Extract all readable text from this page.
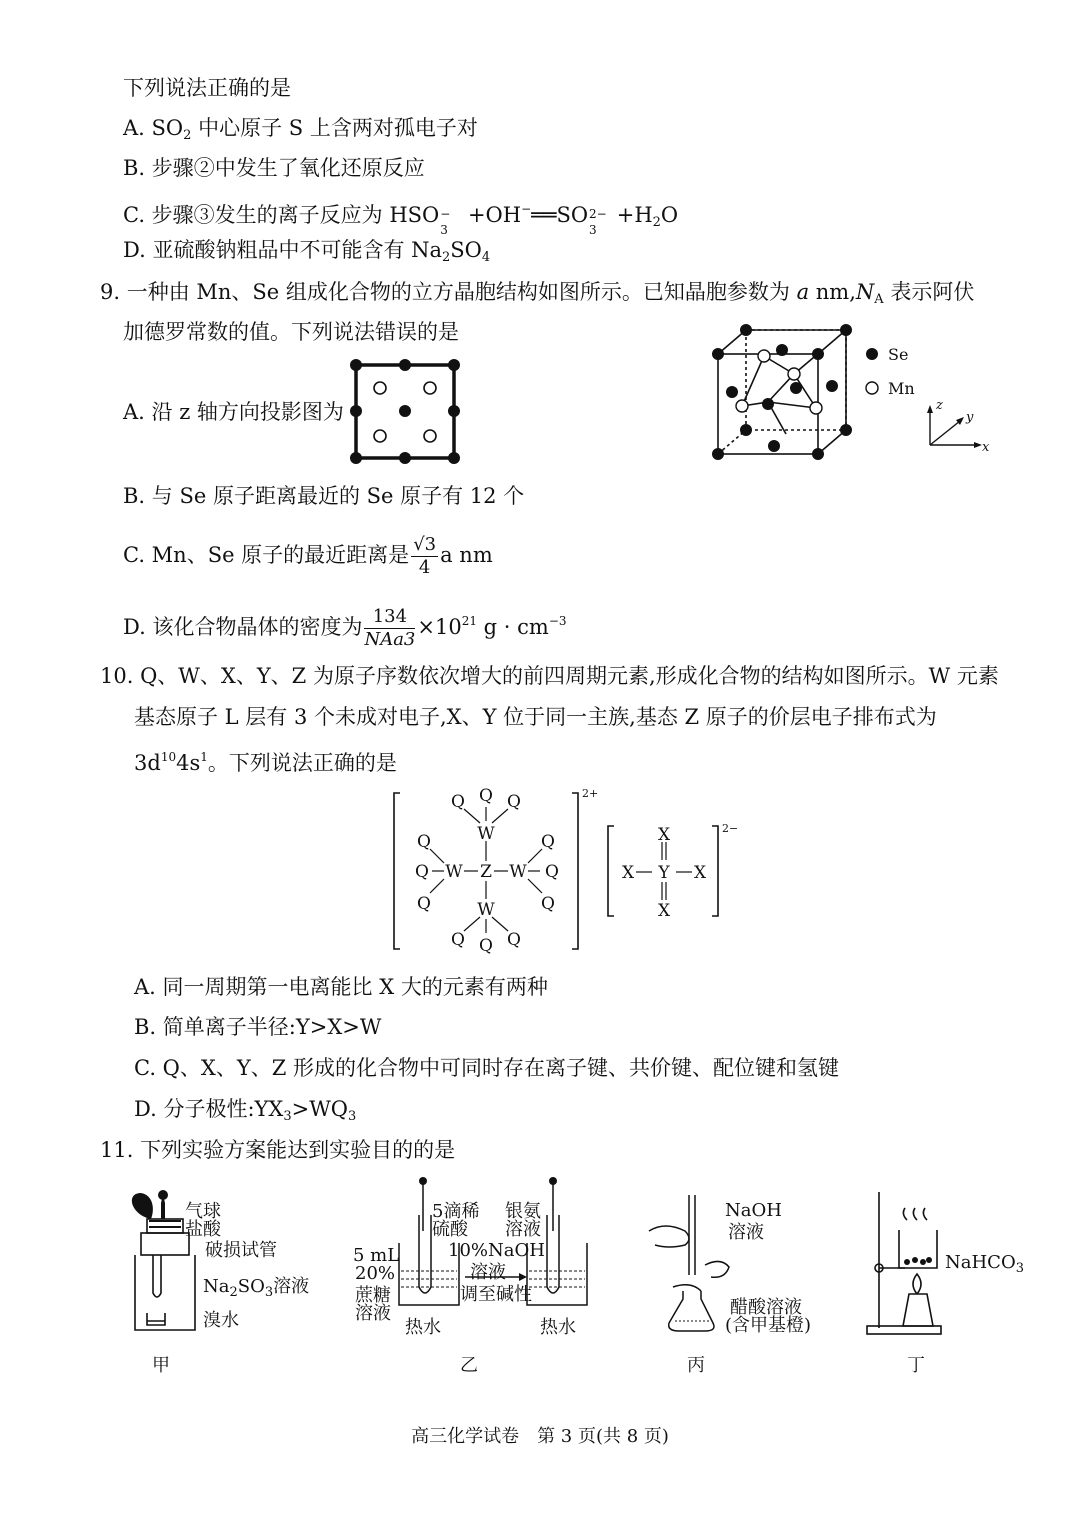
下列说法正确的是
A. $SO_2$ 中心原子 S 上含两对孤电子对
B. 步骤②中发生了氧化还原反应
C. 步骤③发生的离子反应为 HSO −
3
+OH−══SO 2−
3
$+H_2O$
D. 亚硫酸钠粗品中不可能含有 $Na_2SO_4$
9. 一种由 Mn、Se 组成化合物的立方晶胞结构如图所示。已知晶胞参数为 a $nm,N_A$ 表示阿伏
加德罗常数的值。下列说法错误的是
A. 沿 z 轴方向投影图为
Se
Mn
z
y
x
B. 与 Se 原子距离最近的 Se 原子有 12 个
C. Mn、Se 原子的最近距离是 $\frac{√3}{4}$ a nm
D. 该化合物晶体的密度为 $\frac{134}{\text{NAa3}} \times 10^{21}$ $g \cdot cm^{-3}$
10. Q、W、X、Y、Z 为原子序数依次增大的前四周期元素,形成化合物的结构如图所示。W 元素
基态原子 L 层有 3 个未成对电子,X、Y 位于同一主族,基态 Z 原子的价层电子排布式为
$3d^{10}4s^1$。下列说法正确的是
Q Q Q
W
Q	Q
Q W Z W Q
Q	Q
W
Q Q Q
2+
X
X Y X
X
2−
A. 同一周期第一电离能比 X 大的元素有两种
B. 简单离子半径:Y>X>W
C. Q、X、Y、Z 形成的化合物中可同时存在离子键、共价键、配位键和氢键
D. 分子极性$:YX_3>WQ_3$
11. 下列实验方案能达到实验目的的是
气球
盐酸
破损试管
$Na_2SO_3$溶液
溴水
甲
5滴稀
硫酸
银氨
溶液
5 mL
20%
蔗糖
溶液
10%NaOH
溶液
调至碱性
热水	热水
乙
NaOH
溶液
醋酸溶液
(含甲基橙)
丙
NaHCO$_3$
丁
高三化学试卷　第 3 页(共 8 页)
